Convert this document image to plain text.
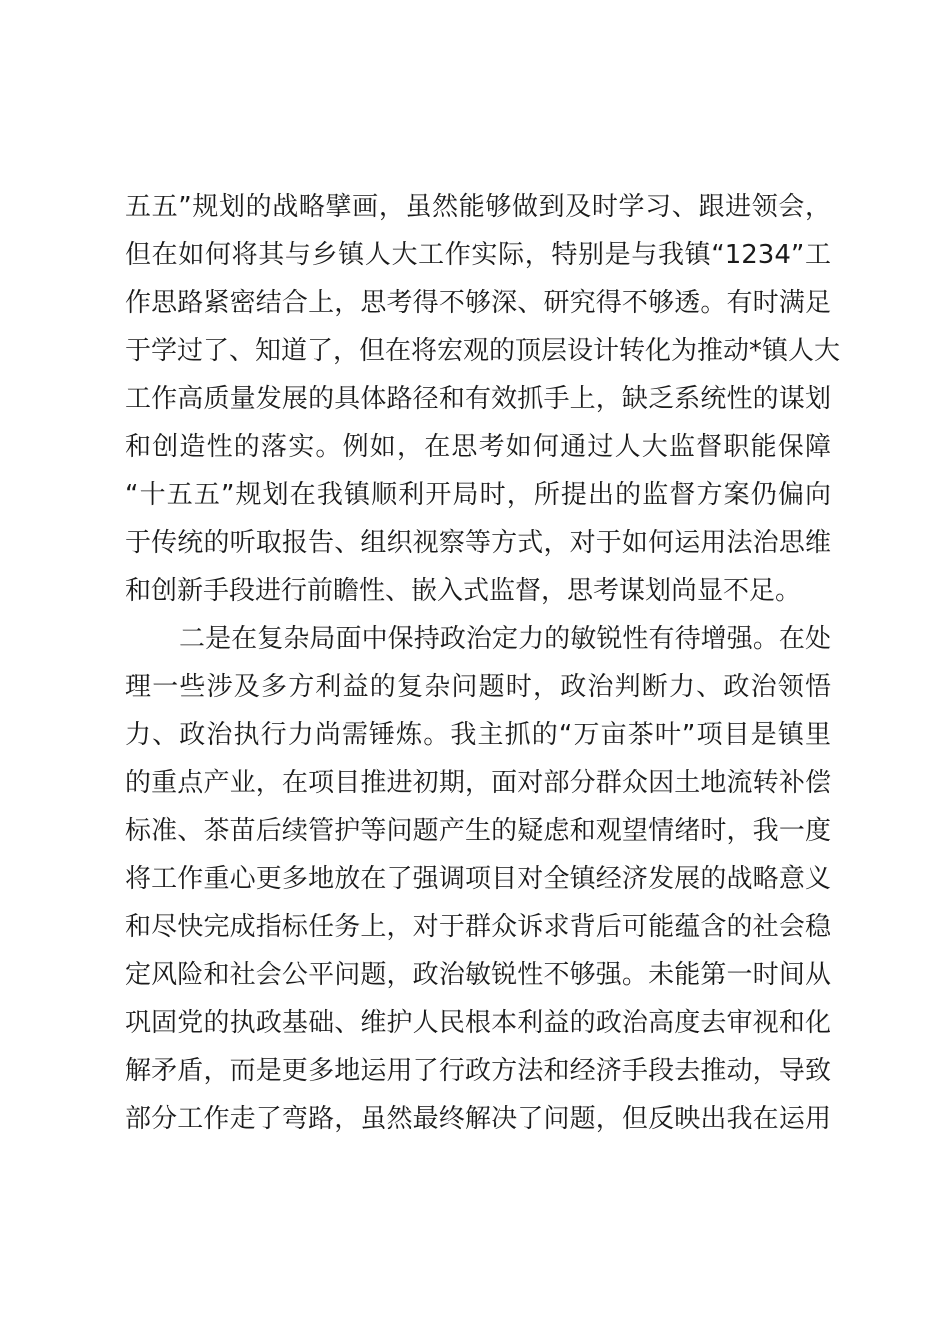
五五”规划的战略擘画，虽然能够做到及时学习、跟进领会，
但在如何将其与乡镇人大工作实际，特别是与我镇“1234”工
作思路紧密结合上，思考得不够深、研究得不够透。有时满足
于学过了、知道了，但在将宏观的顶层设计转化为推动*镇人大
工作高质量发展的具体路径和有效抓手上，缺乏系统性的谋划
和创造性的落实。例如，在思考如何通过人大监督职能保障
“十五五”规划在我镇顺利开局时，所提出的监督方案仍偏向
于传统的听取报告、组织视察等方式，对于如何运用法治思维
和创新手段进行前瞻性、嵌入式监督，思考谋划尚显不足。
二是在复杂局面中保持政治定力的敏锐性有待增强。在处
理一些涉及多方利益的复杂问题时，政治判断力、政治领悟
力、政治执行力尚需锤炼。我主抓的“万亩茶叶”项目是镇里
的重点产业，在项目推进初期，面对部分群众因土地流转补偿
标准、茶苗后续管护等问题产生的疑虑和观望情绪时，我一度
将工作重心更多地放在了强调项目对全镇经济发展的战略意义
和尽快完成指标任务上，对于群众诉求背后可能蕴含的社会稳
定风险和社会公平问题，政治敏锐性不够强。未能第一时间从
巩固党的执政基础、维护人民根本利益的政治高度去审视和化
解矛盾，而是更多地运用了行政方法和经济手段去推动，导致
部分工作走了弯路，虽然最终解决了问题，但反映出我在运用
